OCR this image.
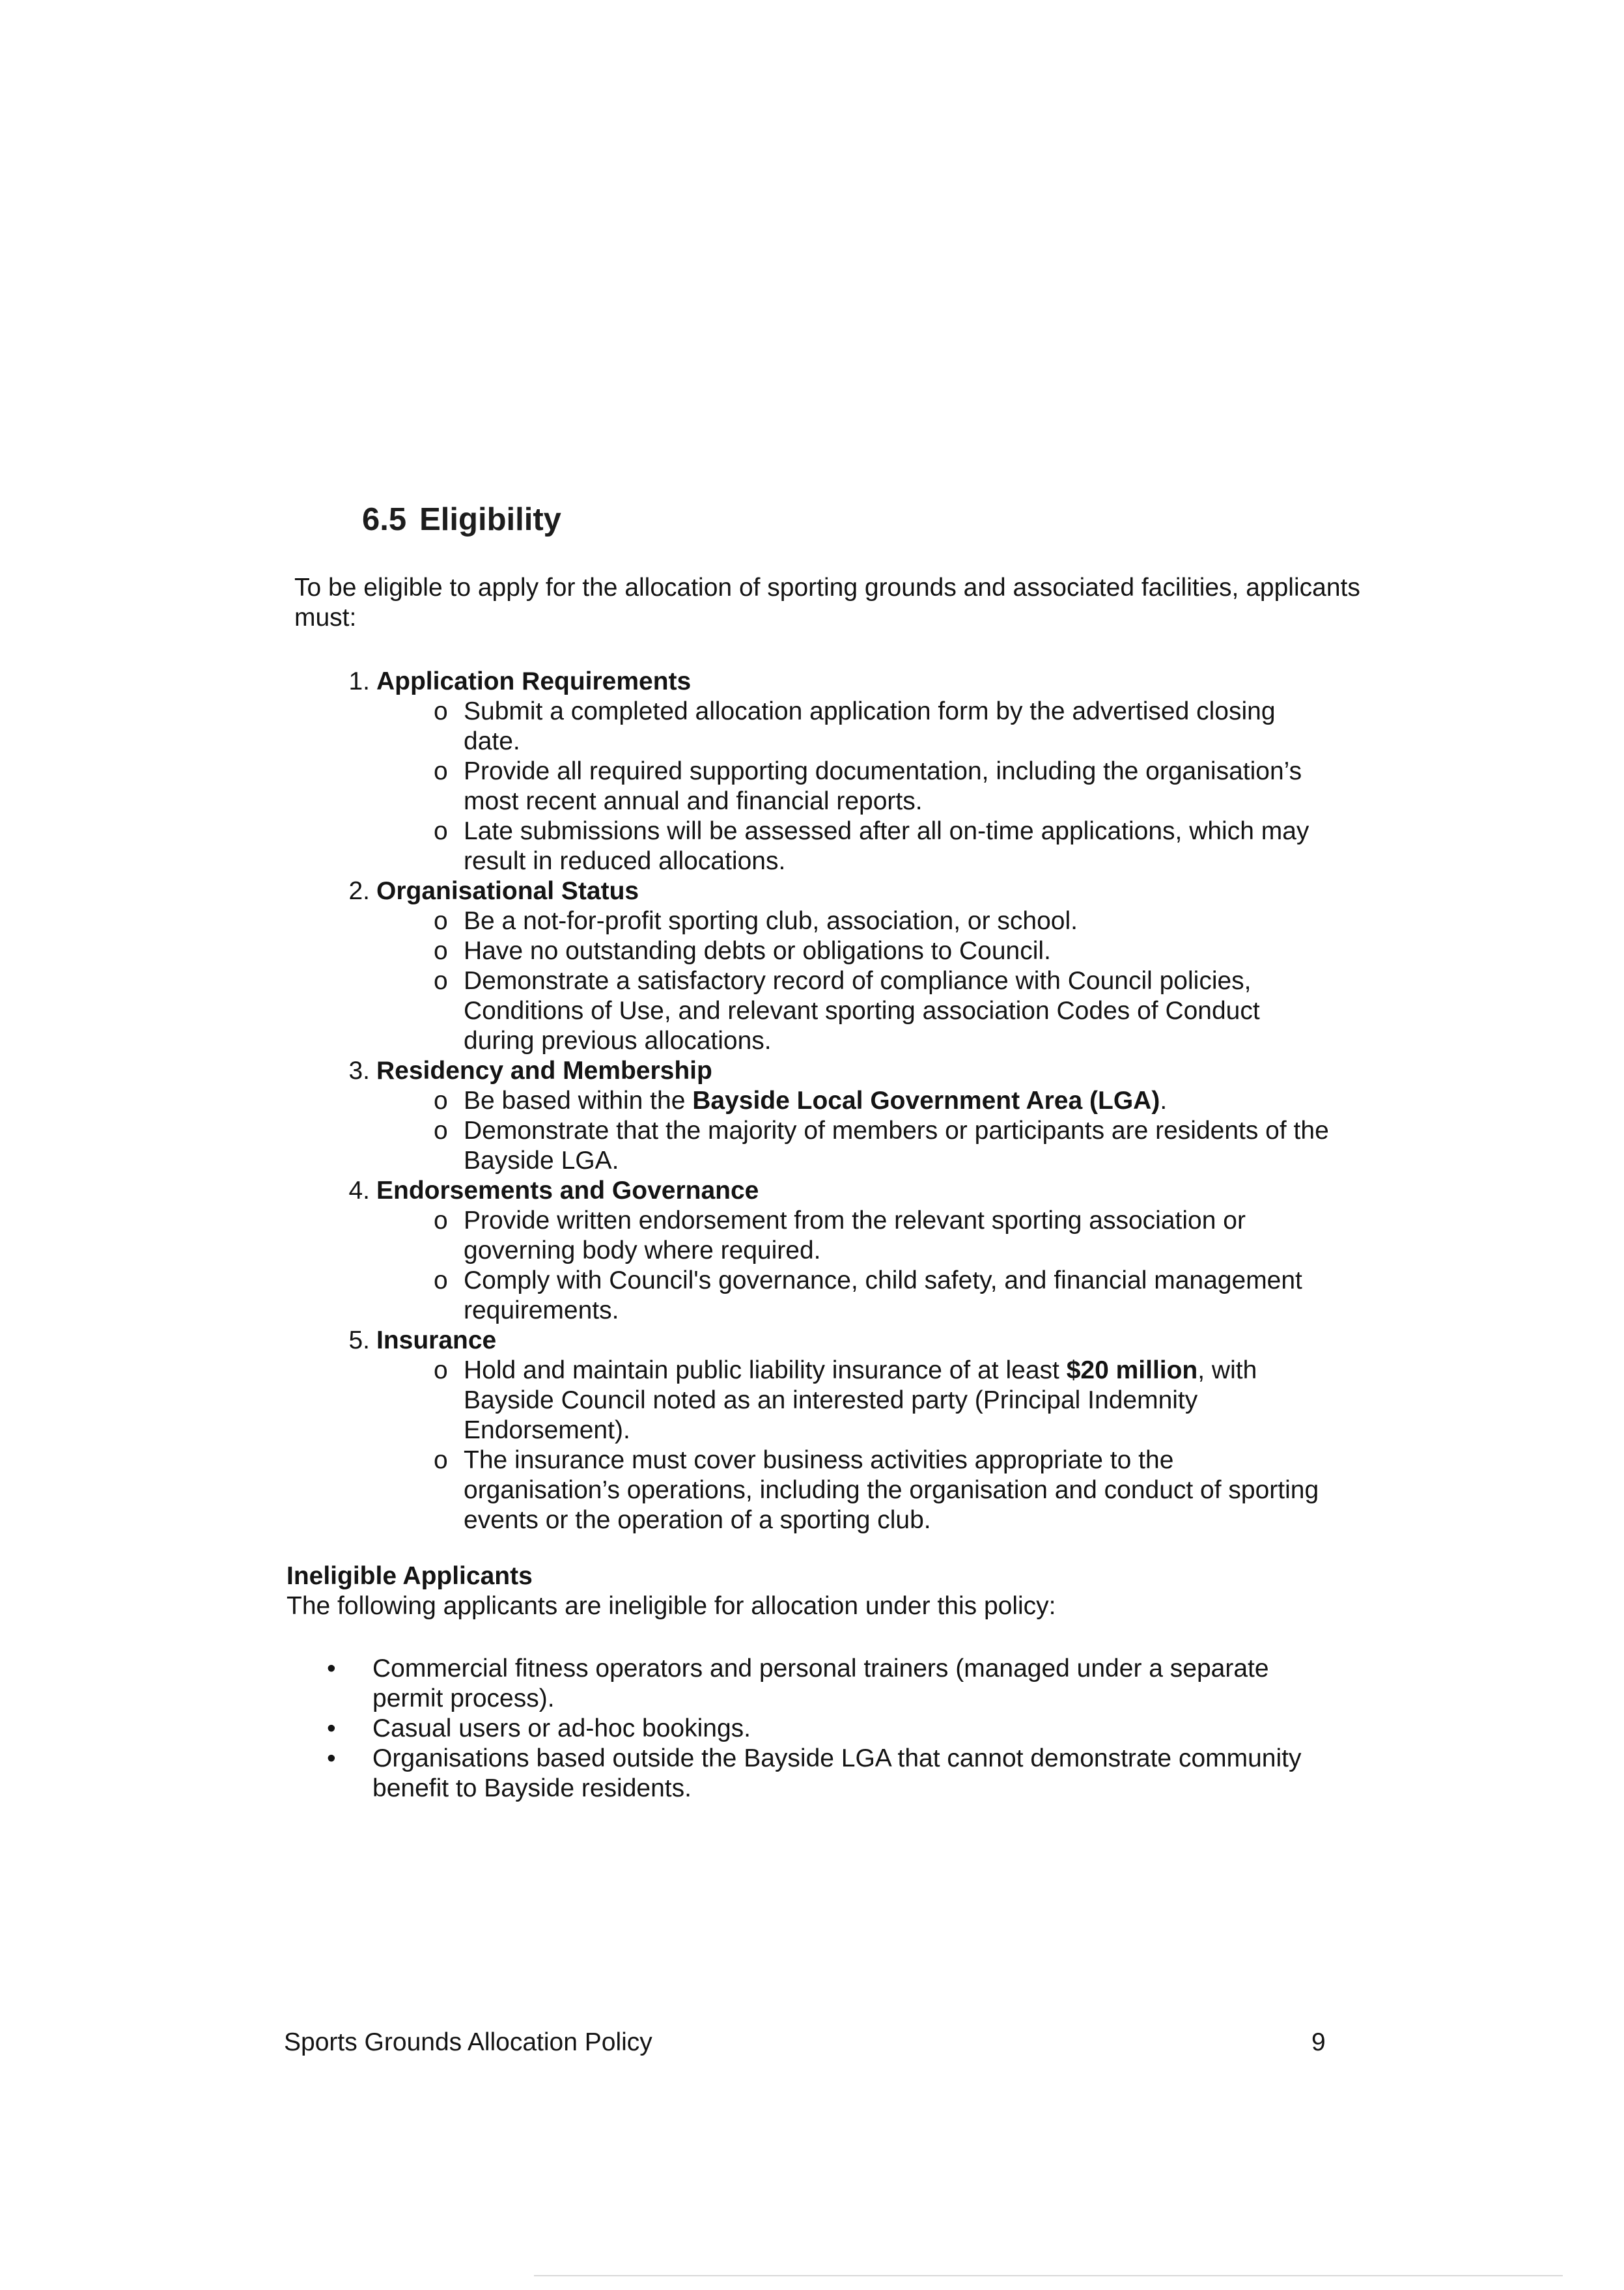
6.5 Eligibility

To be eligible to apply for the allocation of sporting grounds and associated facilities, applicants must:

1. Application Requirements
o Submit a completed allocation application form by the advertised closing date.
o Provide all required supporting documentation, including the organisation’s most recent annual and financial reports.
o Late submissions will be assessed after all on-time applications, which may result in reduced allocations.
2. Organisational Status
o Be a not-for-profit sporting club, association, or school.
o Have no outstanding debts or obligations to Council.
o Demonstrate a satisfactory record of compliance with Council policies, Conditions of Use, and relevant sporting association Codes of Conduct during previous allocations.
3. Residency and Membership
o Be based within the Bayside Local Government Area (LGA).
o Demonstrate that the majority of members or participants are residents of the Bayside LGA.
4. Endorsements and Governance
o Provide written endorsement from the relevant sporting association or governing body where required.
o Comply with Council's governance, child safety, and financial management requirements.
5. Insurance
o Hold and maintain public liability insurance of at least $20 million, with Bayside Council noted as an interested party (Principal Indemnity Endorsement).
o The insurance must cover business activities appropriate to the organisation’s operations, including the organisation and conduct of sporting events or the operation of a sporting club.

Ineligible Applicants

The following applicants are ineligible for allocation under this policy:

• Commercial fitness operators and personal trainers (managed under a separate permit process).
• Casual users or ad-hoc bookings.
• Organisations based outside the Bayside LGA that cannot demonstrate community benefit to Bayside residents.

Sports Grounds Allocation Policy	9
